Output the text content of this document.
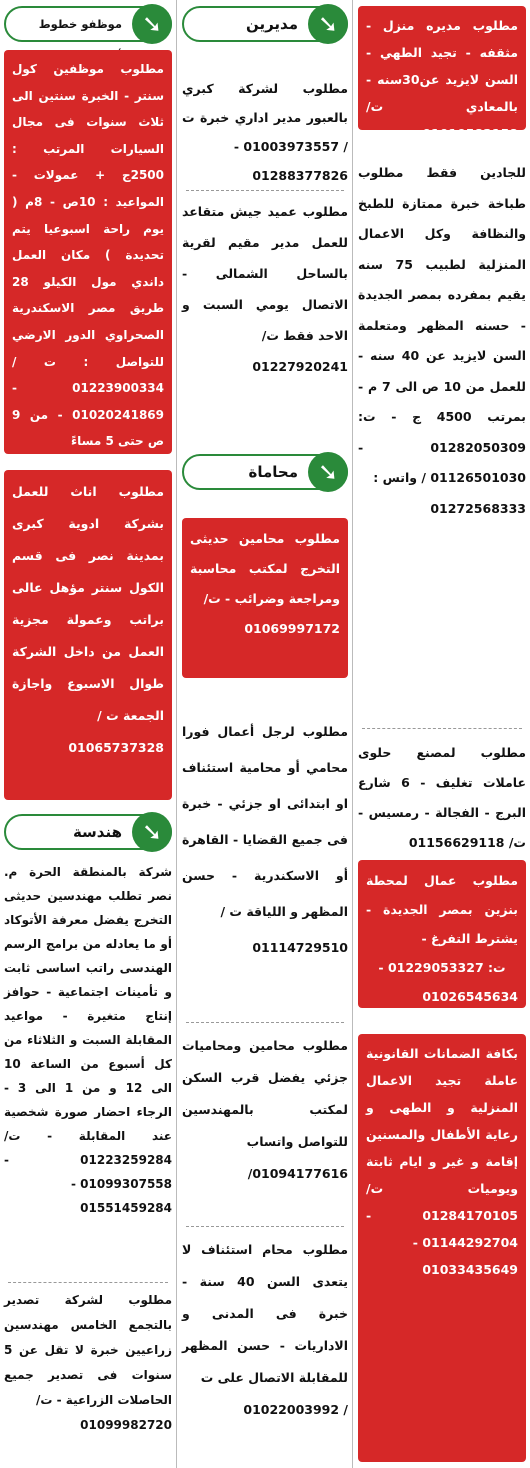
مطلوب مديره منزل - مثقفه - تجيد الطهي - السن لايزيد عن30سنه - بالمعادي ت/ 01010582158
للجادين فقط مطلوب طباخة خبرة ممتازة للطبخ والنظافة وكل الاعمال المنزلية لطبيب 75 سنه يقيم بمفرده بمصر الجديدة - حسنه المظهر ومتعلمة السن لايزيد عن 40 سنه - للعمل من 10 ص الى 7 م - بمرتب 4500 ج - ت: 01282050309 - 01126501030 / واتس :
01272568333
مطلوب لمصنع حلوى عاملات تغليف - 6 شارع البرج - الفجالة - رمسيس - ت/ 01156629118
مطلوب عمال لمحطة بنزين بمصر الجديدة - يشترط التفرغ -
ت: 01229053327 - 01026545634
بكافة الضمانات القانونية عاملة تجيد الاعمال المنزلية و الطهى و رعاية الأطفال والمسنين إقامة و غير و ايام ثابتة ويوميات ت/ 01284170105 - 01144292704 -
01033435649
➘
مديرين
مطلوب لشركة كبري بالعبور مدير اداري خبرة ت / 01003973557 -
01288377826
مطلوب عميد جيش متقاعد للعمل مدير مقيم لقرية بالساحل الشمالى - الاتصال يومي السبت و الاحد فقط ت/
01227920241
➘
محاماة
مطلوب محامين حديثى التخرج لمكتب محاسبة ومراجعة وضرائب - ت/
01069997172
مطلوب لرجل أعمال فورا محامي أو محامية استئناف او ابتدائى او جزئي - خبرة فى جميع القضايا - القاهرة أو الاسكندرية - حسن المظهر و اللياقة ت /
01114729510
مطلوب محامين ومحاميات جزئي يفضل قرب السكن لمكتب بالمهندسين للتواصل واتساب
01094177616/
مطلوب محام استئناف لا يتعدى السن 40 سنة - خبرة فى المدنى و الاداريات - حسن المظهر للمقابلة الاتصال على ت
/ 01022003992
➘
موظفو خطوط
مطلوب موظفين كول سنتر - الخبرة سنتين الى ثلاث سنوات فى مجال السيارات المرتب : 2500ج + عمولات - المواعيد : 10ص - 8م ( يوم راحة اسبوعيا يتم تحديدة ) مكان العمل داندي مول الكيلو 28 طريق مصر الاسكندرية الصحراوي الدور الارضي للتواصل : ت / 01223900334 - 01020241869 - من 9 ص حتى 5 مساءً
مطلوب اناث للعمل بشركة ادوية كبرى بمدينة نصر فى قسم الكول سنتر مؤهل عالى براتب وعمولة مجزية العمل من داخل الشركة طوال الاسبوع واجازة الجمعة ت /
01065737328
➘
هندسة
شركة بالمنطقة الحرة م. نصر تطلب مهندسين حديثى التخرج يفضل معرفة الأتوكاد أو ما يعادله من برامج الرسم الهندسى راتب اساسى ثابت و تأمينات اجتماعية - حوافز إنتاج متغيرة - مواعيد المقابلة السبت و الثلاثاء من كل أسبوع من الساعة 10 الى 12 و من 1 الى 3 - الرجاء احضار صورة شخصية عند المقابلة - ت/ 01223259284 - 01099307558 -
01551459284
مطلوب لشركة تصدير بالتجمع الخامس مهندسين زراعيين خبرة لا تقل عن 5 سنوات فى تصدير جميع الحاصلات الزراعية - ت/
01099982720
